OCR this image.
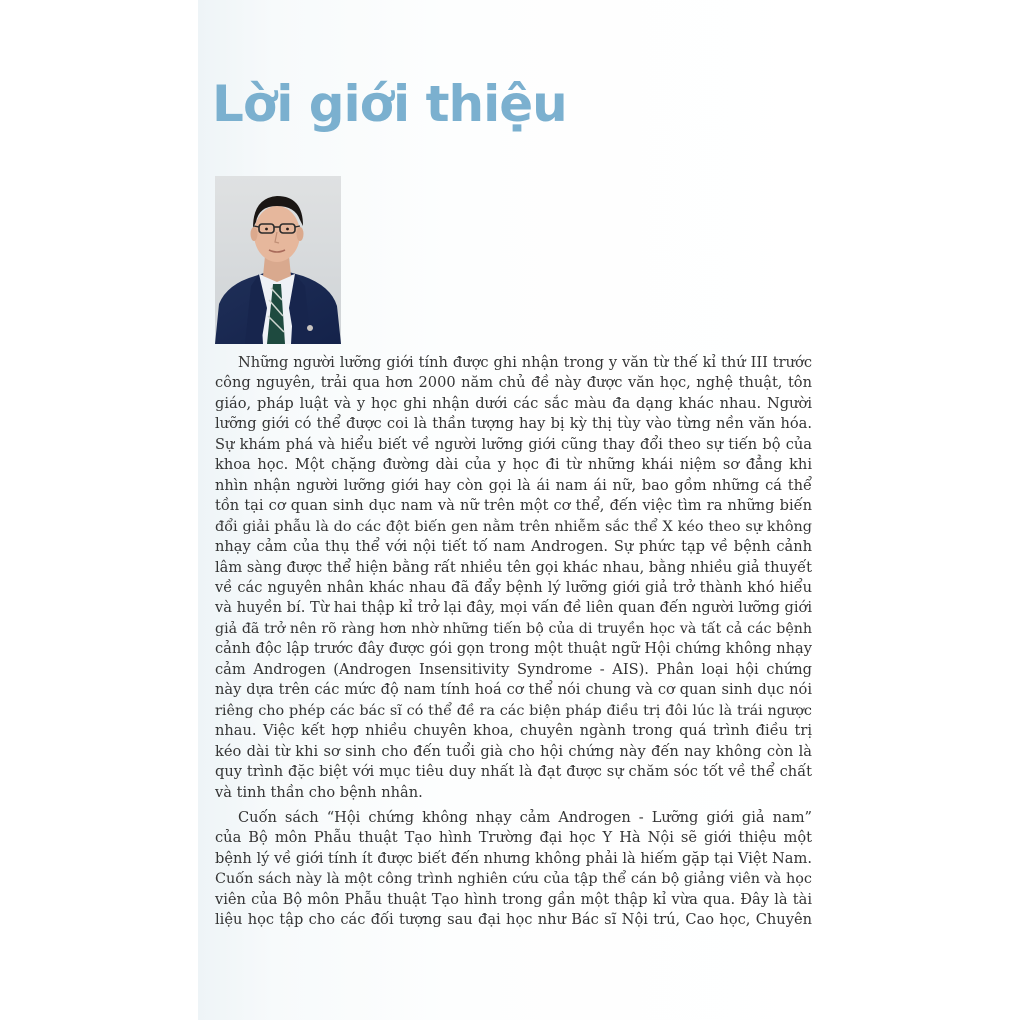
Lời giới thiệu

Những người lưỡng giới tính được ghi nhận trong y văn từ thế kỉ thứ III trước
công nguyên, trải qua hơn 2000 năm chủ đề này được văn học, nghệ thuật, tôn
giáo, pháp luật và y học ghi nhận dưới các sắc màu đa dạng khác nhau. Người
lưỡng giới có thể được coi là thần tượng hay bị kỳ thị tùy vào từng nền văn hóa.
Sự khám phá và hiểu biết về người lưỡng giới cũng thay đổi theo sự tiến bộ của
khoa học. Một chặng đường dài của y học đi từ những khái niệm sơ đẳng khi
nhìn nhận người lưỡng giới hay còn gọi là ái nam ái nữ, bao gồm những cá thể
tồn tại cơ quan sinh dục nam và nữ trên một cơ thể, đến việc tìm ra những biến
đổi giải phẫu là do các đột biến gen nằm trên nhiễm sắc thể X kéo theo sự không
nhạy cảm của thụ thể với nội tiết tố nam Androgen. Sự phức tạp về bệnh cảnh
lâm sàng được thể hiện bằng rất nhiều tên gọi khác nhau, bằng nhiều giả thuyết
về các nguyên nhân khác nhau đã đẩy bệnh lý lưỡng giới giả trở thành khó hiểu
và huyền bí. Từ hai thập kỉ trở lại đây, mọi vấn đề liên quan đến người lưỡng giới
giả đã trở nên rõ ràng hơn nhờ những tiến bộ của di truyền học và tất cả các bệnh
cảnh độc lập trước đây được gói gọn trong một thuật ngữ Hội chứng không nhạy
cảm Androgen (Androgen Insensitivity Syndrome - AIS). Phân loại hội chứng
này dựa trên các mức độ nam tính hoá cơ thể nói chung và cơ quan sinh dục nói
riêng cho phép các bác sĩ có thể đề ra các biện pháp điều trị đôi lúc là trái ngược
nhau. Việc kết hợp nhiều chuyên khoa, chuyên ngành trong quá trình điều trị
kéo dài từ khi sơ sinh cho đến tuổi già cho hội chứng này đến nay không còn là
quy trình đặc biệt với mục tiêu duy nhất là đạt được sự chăm sóc tốt về thể chất
và tinh thần cho bệnh nhân.

Cuốn sách “Hội chứng không nhạy cảm Androgen - Lưỡng giới giả nam”
của Bộ môn Phẫu thuật Tạo hình Trường đại học Y Hà Nội sẽ giới thiệu một
bệnh lý về giới tính ít được biết đến nhưng không phải là hiếm gặp tại Việt Nam.
Cuốn sách này là một công trình nghiên cứu của tập thể cán bộ giảng viên và học
viên của Bộ môn Phẫu thuật Tạo hình trong gần một thập kỉ vừa qua. Đây là tài
liệu học tập cho các đối tượng sau đại học như Bác sĩ Nội trú, Cao học, Chuyên
